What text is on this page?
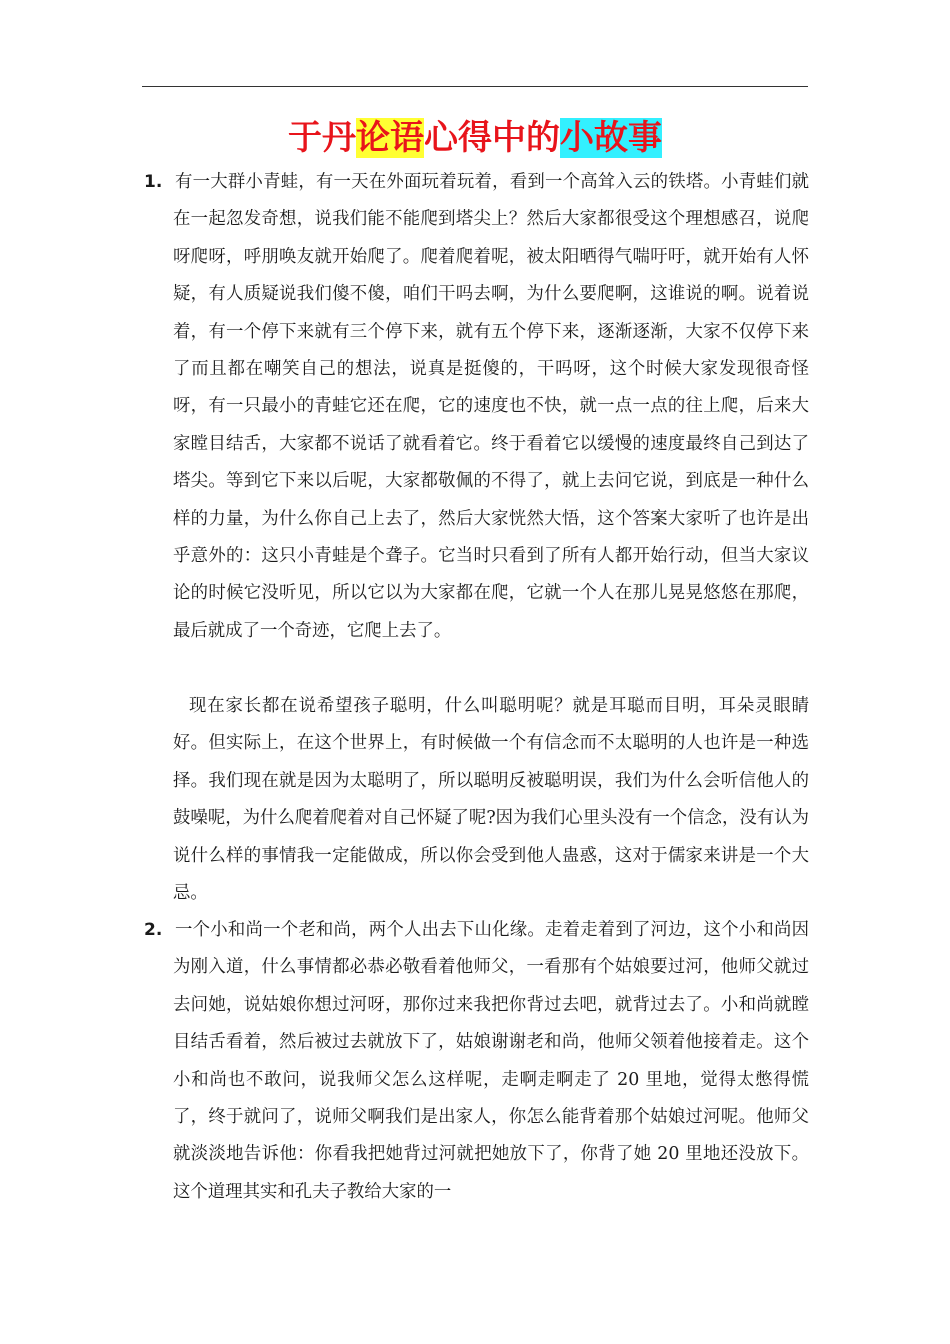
于丹论语心得中的小故事
1. 有一大群小青蛙，有一天在外面玩着玩着，看到一个高耸入云的铁塔。小青蛙们就在一起忽发奇想，说我们能不能爬到塔尖上？然后大家都很受这个理想感召，说爬呀爬呀，呼朋唤友就开始爬了。爬着爬着呢，被太阳晒得气喘吁吁，就开始有人怀疑，有人质疑说我们傻不傻，咱们干吗去啊，为什么要爬啊，这谁说的啊。说着说着，有一个停下来就有三个停下来，就有五个停下来，逐渐逐渐，大家不仅停下来了而且都在嘲笑自己的想法，说真是挺傻的，干吗呀，这个时候大家发现很奇怪呀，有一只最小的青蛙它还在爬，它的速度也不快，就一点一点的往上爬，后来大家瞠目结舌，大家都不说话了就看着它。终于看着它以缓慢的速度最终自己到达了塔尖。等到它下来以后呢，大家都敬佩的不得了，就上去问它说，到底是一种什么样的力量，为什么你自己上去了，然后大家恍然大悟，这个答案大家听了也许是出乎意外的：这只小青蛙是个聋子。它当时只看到了所有人都开始行动，但当大家议论的时候它没听见，所以它以为大家都在爬，它就一个人在那儿晃晃悠悠在那爬，最后就成了一个奇迹，它爬上去了。

现在家长都在说希望孩子聪明，什么叫聪明呢？就是耳聪而目明，耳朵灵眼睛好。但实际上，在这个世界上，有时候做一个有信念而不太聪明的人也许是一种选择。我们现在就是因为太聪明了，所以聪明反被聪明误，我们为什么会听信他人的鼓噪呢，为什么爬着爬着对自己怀疑了呢?因为我们心里头没有一个信念，没有认为说什么样的事情我一定能做成，所以你会受到他人蛊惑，这对于儒家来讲是一个大忌。

2. 一个小和尚一个老和尚，两个人出去下山化缘。走着走着到了河边，这个小和尚因为刚入道，什么事情都必恭必敬看着他师父，一看那有个姑娘要过河，他师父就过去问她，说姑娘你想过河呀，那你过来我把你背过去吧，就背过去了。小和尚就瞠目结舌看着，然后被过去就放下了，姑娘谢谢老和尚，他师父领着他接着走。这个小和尚也不敢问，说我师父怎么这样呢，走啊走啊走了 20 里地，觉得太憋得慌了，终于就问了，说师父啊我们是出家人，你怎么能背着那个姑娘过河呢。他师父就淡淡地告诉他：你看我把她背过河就把她放下了，你背了她 20 里地还没放下。这个道理其实和孔夫子教给大家的一
